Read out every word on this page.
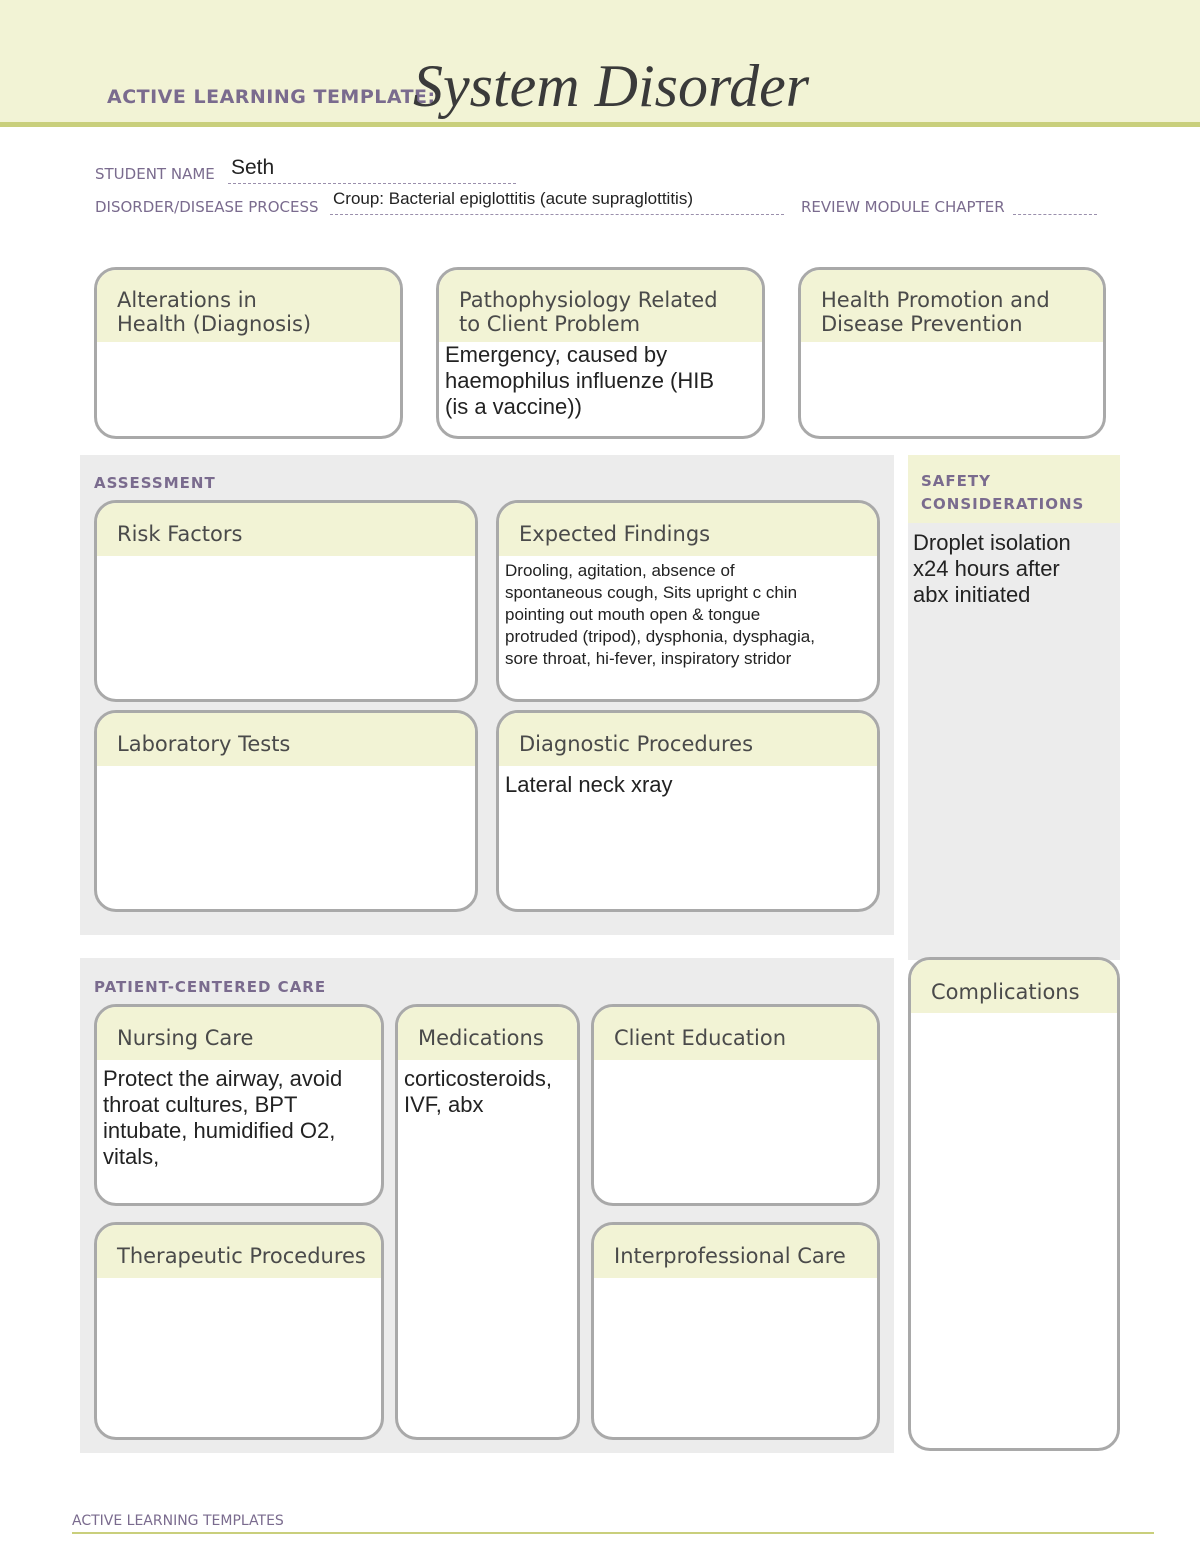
ACTIVE LEARNING TEMPLATE:
System Disorder
STUDENT NAME Seth
DISORDER/DISEASE PROCESS Croup: Bacterial epiglottitis (acute supraglottitis)	REVIEW MODULE CHAPTER
Alterations in
Health (Diagnosis)
Pathophysiology Related
to Client Problem
Emergency, caused by
haemophilus influenze (HIB
(is a vaccine))
Health Promotion and
Disease Prevention
ASSESSMENT
Risk Factors	Expected Findings
Drooling, agitation, absence of
spontaneous cough, Sits upright c chin
pointing out mouth open & tongue
protruded (tripod), dysphonia, dysphagia,
sore throat, hi-fever, inspiratory stridor
Laboratory Tests	Diagnostic Procedures
Lateral neck xray
SAFETY
CONSIDERATIONS
Droplet isolation
x24 hours after
abx initiated
Complications
PATIENT-CENTERED CARE
Nursing Care
Protect the airway, avoid
throat cultures, BPT
intubate, humidified O2,
vitals,
Medications
corticosteroids,
IVF, abx
Client Education
Therapeutic Procedures	Interprofessional Care
ACTIVE LEARNING TEMPLATES
